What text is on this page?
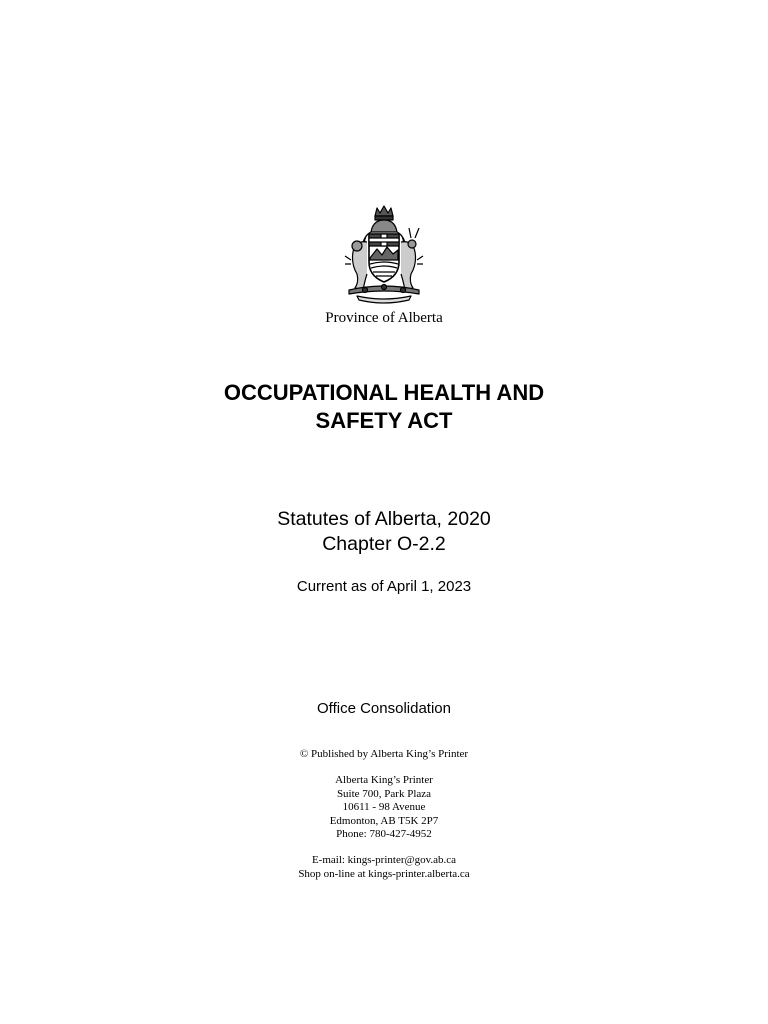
Province of Alberta
OCCUPATIONAL HEALTH AND
SAFETY ACT
Statutes of Alberta, 2020
Chapter O-2.2
Current as of April 1, 2023
Office Consolidation
© Published by Alberta King’s Printer
Alberta King’s Printer
Suite 700, Park Plaza
10611 - 98 Avenue
Edmonton, AB T5K 2P7
Phone: 780-427-4952
E-mail: kings-printer@gov.ab.ca
Shop on-line at kings-printer.alberta.ca
